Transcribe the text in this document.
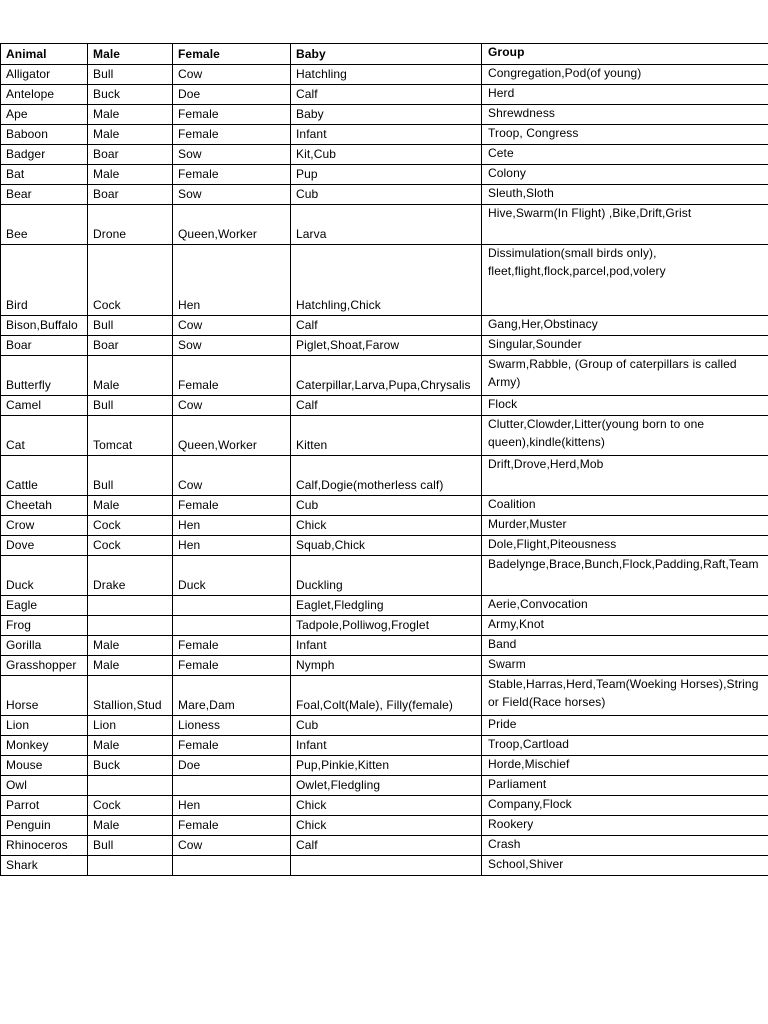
Animal	Male	Female	Baby	Group
Alligator	Bull	Cow	Hatchling	Congregation,Pod(of young)
Antelope	Buck	Doe	Calf	Herd
Ape	Male	Female	Baby	Shrewdness
Baboon	Male	Female	Infant	Troop, Congress
Badger	Boar	Sow	Kit,Cub	Cete
Bat	Male	Female	Pup	Colony
Bear	Boar	Sow	Cub	Sleuth,Sloth
Bee	Drone	Queen,Worker	Larva	Hive,Swarm(In Flight) ,Bike,Drift,Grist
Bird	Cock	Hen	Hatchling,Chick	Dissimulation(small birds only), fleet,flight,flock,parcel,pod,volery
Bison,Buffalo	Bull	Cow	Calf	Gang,Her,Obstinacy
Boar	Boar	Sow	Piglet,Shoat,Farow	Singular,Sounder
Butterfly	Male	Female	Caterpillar,Larva,Pupa,Chrysalis	Swarm,Rabble, (Group of caterpillars is called Army)
Camel	Bull	Cow	Calf	Flock
Cat	Tomcat	Queen,Worker	Kitten	Clutter,Clowder,Litter(young born to one queen),kindle(kittens)
Cattle	Bull	Cow	Calf,Dogie(motherless calf)	Drift,Drove,Herd,Mob
Cheetah	Male	Female	Cub	Coalition
Crow	Cock	Hen	Chick	Murder,Muster
Dove	Cock	Hen	Squab,Chick	Dole,Flight,Piteousness
Duck	Drake	Duck	Duckling	Badelynge,Brace,Bunch,Flock,Padding,Raft,Team
Eagle			Eaglet,Fledgling	Aerie,Convocation
Frog			Tadpole,Polliwog,Froglet	Army,Knot
Gorilla	Male	Female	Infant	Band
Grasshopper	Male	Female	Nymph	Swarm
Horse	Stallion,Stud	Mare,Dam	Foal,Colt(Male), Filly(female)	Stable,Harras,Herd,Team(Woeking Horses),String or Field(Race horses)
Lion	Lion	Lioness	Cub	Pride
Monkey	Male	Female	Infant	Troop,Cartload
Mouse	Buck	Doe	Pup,Pinkie,Kitten	Horde,Mischief
Owl			Owlet,Fledgling	Parliament
Parrot	Cock	Hen	Chick	Company,Flock
Penguin	Male	Female	Chick	Rookery
Rhinoceros	Bull	Cow	Calf	Crash
Shark				School,Shiver
